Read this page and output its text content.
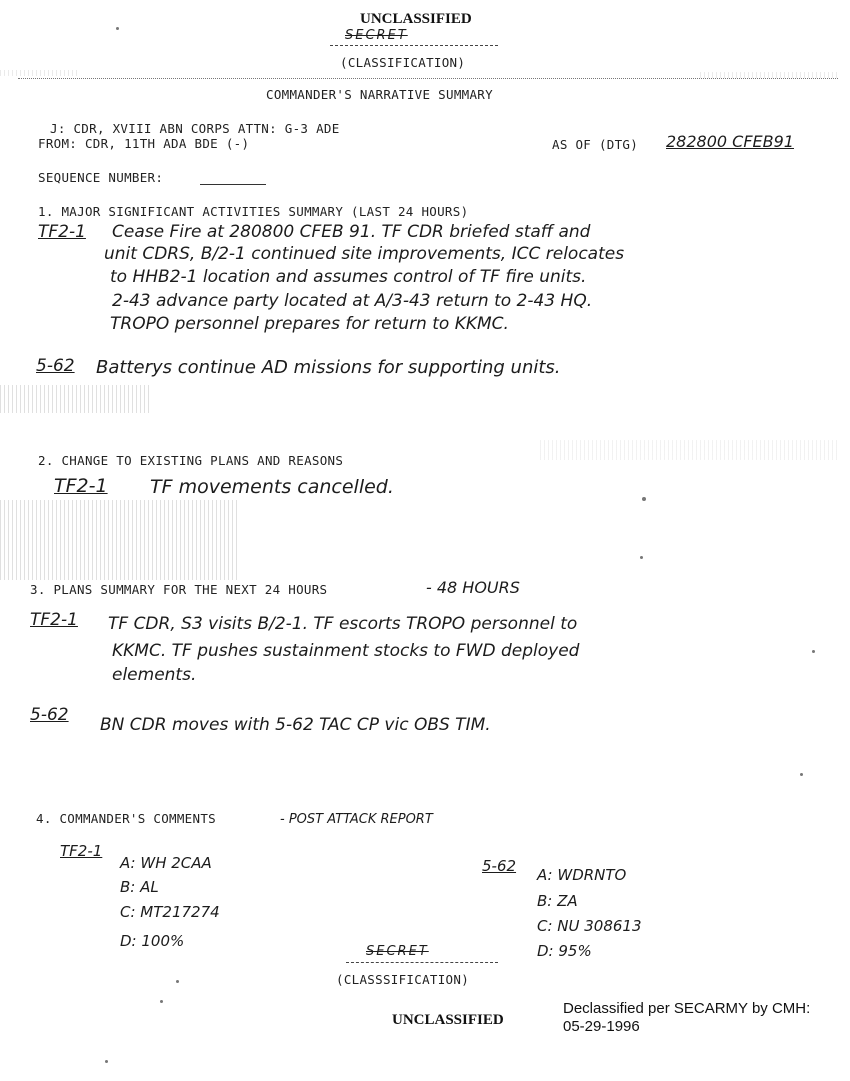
UNCLASSIFIED
SECRET
(CLASSIFICATION)
COMMANDER'S NARRATIVE SUMMARY
J: CDR, XVIII ABN CORPS ATTN: G-3 ADE
FROM: CDR, 11TH ADA BDE (-)	AS OF (DTG) 282800 CFEB91
SEQUENCE NUMBER:
1. MAJOR SIGNIFICANT ACTIVITIES SUMMARY (LAST 24 HOURS)
TF2-1 Cease Fire at 280800 CFEB 91. TF CDR briefed staff and
unit CDRS, B/2-1 continued site improvements, ICC relocates
to HHB2-1 location and assumes control of TF fire units.
2-43 advance party located at A/3-43 return to 2-43 HQ.
TROPO personnel prepares for return to KKMC.
5-62 Batterys continue AD missions for supporting units.
2. CHANGE TO EXISTING PLANS AND REASONS
TF2-1 TF movements cancelled.
3. PLANS SUMMARY FOR THE NEXT 24 HOURS	- 48 HOURS
TF2-1 TF CDR, S3 visits B/2-1. TF escorts TROPO personnel to
KKMC. TF pushes sustainment stocks to FWD deployed
elements.
5-62 BN CDR moves with 5-62 TAC CP vic OBS TIM.
4. COMMANDER'S COMMENTS	- POST ATTACK REPORT
TF2-1
A: WH 2CAA
B: AL
C: MT217274
D: 100%
5-62 A: WDRNTO
B: ZA
C: NU 308613
D: 95%
SECRET
(CLASSSIFICATION)
UNCLASSIFIED
Declassified per SECARMY by CMH:
05-29-1996
